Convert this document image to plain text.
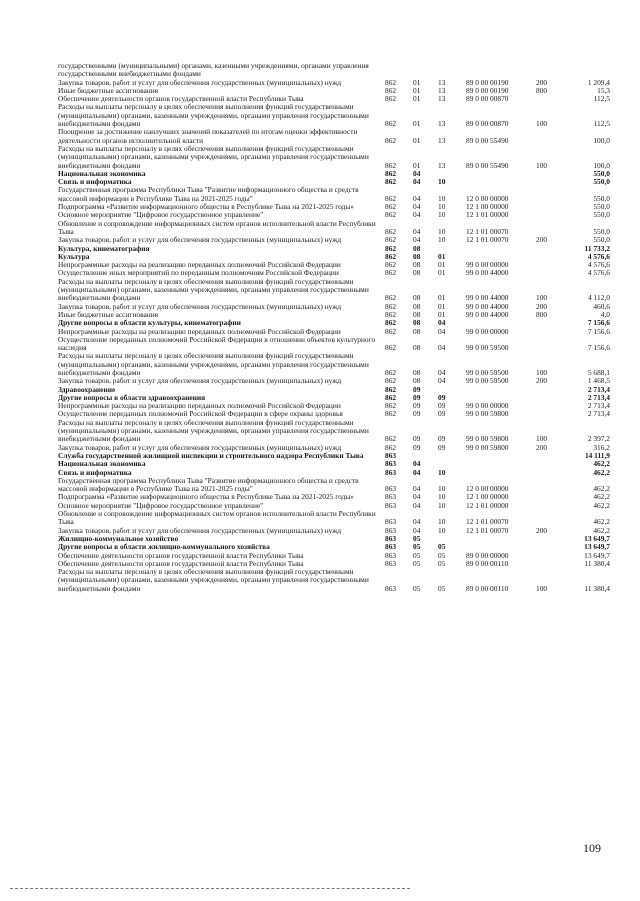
государственными (муниципальными) органами, казенными учреждениями, органами управления государственными внебюджетными фондами
Закупка товаров, работ и услуг для обеспечения государственных (муниципальных) нужд	862 01 13	89 0 00 00190	200	1 209,4
Иные бюджетные ассигнования	862 01 13	89 0 00 00190	800	15,3
Обеспечение деятельности органов государственной власти Республики Тыва	862 01 13	89 0 00 00870	112,5
Расходы на выплаты персоналу в целях обеспечения выполнения функций государственными (муниципальными) органами, казенными учреждениями, органами управления государственными внебюджетными фондами	862 01 13	89 0 00 00870	100	112,5
Поощрение за достижение наилучших значений показателей по итогам оценки эффективности деятельности органов исполнительной власти	862 01 13	89 0 00 55490	100,0
Расходы на выплаты персоналу в целях обеспечения выполнения функций государственными (муниципальными) органами, казенными учреждениями, органами управления государственными внебюджетными фондами	862 01 13	89 0 00 55490	100	100,0
Национальная экономика	862 04	550,0
Связь и информатика	862 04 10	550,0
Государственная программа Республики Тыва "Развитие информационного общества и средств массовой информации в Республике Тыва на 2021-2025 годы"	862 04 10	12 0 00 00000	550,0
Подпрограмма «Развитие информационного общества в Республике Тыва на 2021-2025 годы»	862 04 10	12 1 00 00000	550,0
Основное мероприятие "Цифровое государственное управление"	862 04 10	12 1 01 00000	550,0
Обновление и сопровождение информационных систем органов исполнительной власти Республики Тыва	862 04 10	12 1 01 00070	550,0
Закупка товаров, работ и услуг для обеспечения государственных (муниципальных) нужд	862 04 10	12 1 01 00070	200	550,0
Культура, кинематография	862 08	11 733,2
Культура	862 08 01	4 576,6
Непрограммные расходы на реализацию переданных полномочий Российской Федерации	862 08 01	99 0 00 00000	4 576,6
Осуществление иных мероприятий по переданным полномочиям Российской Федерации	862 08 01	99 0 00 44000	4 576,6
Расходы на выплаты персоналу в целях обеспечения выполнения функций государственными (муниципальными) органами, казенными учреждениями, органами управления государственными внебюджетными фондами	862 08 01	99 0 00 44000	100	4 112,0
Закупка товаров, работ и услуг для обеспечения государственных (муниципальных) нужд	862 08 01	99 0 00 44000	200	460,6
Иные бюджетные ассигнования	862 08 01	99 0 00 44000	800	4,0
Другие вопросы в области культуры, кинематографии	862 08 04	7 156,6
Непрограммные расходы на реализацию переданных полномочий Российской Федерации	862 08 04	99 0 00 00000	7 156,6
Осуществление переданных полномочий Российской Федерации в отношении объектов культурного наследия	862 08 04	99 0 00 59500	7 156,6
Расходы на выплаты персоналу в целях обеспечения выполнения функций государственными (муниципальными) органами, казенными учреждениями, органами управления государственными внебюджетными фондами	862 08 04	99 0 00 59500	100	5 688,1
Закупка товаров, работ и услуг для обеспечения государственных (муниципальных) нужд	862 08 04	99 0 00 59500	200	1 468,5
Здравоохранение	862 09	2 713,4
Другие вопросы в области здравоохранения	862 09 09	2 713,4
Непрограммные расходы на реализацию переданных полномочий Российской Федерации	862 09 09	99 0 00 00000	2 713,4
Осуществление переданных полномочий Российской Федерации в сфере охраны здоровья	862 09 09	99 0 00 59800	2 713,4
Расходы на выплаты персоналу в целях обеспечения выполнения функций государственными (муниципальными) органами, казенными учреждениями, органами управления государственными внебюджетными фондами	862 09 09	99 0 00 59800	100	2 397,2
Закупка товаров, работ и услуг для обеспечения государственных (муниципальных) нужд	862 09 09	99 0 00 59800	200	316,2
Служба государственной жилищной инспекции и строительного надзора Республики Тыва	863	14 111,9
Национальная экономика	863 04	462,2
Связь и информатика	863 04 10	462,2
Государственная программа Республики Тыва "Развитие информационного общества и средств массовой информации в Республике Тыва на 2021-2025 годы"	863 04 10	12 0 00 00000	462,2
Подпрограмма «Развитие информационного общества в Республике Тыва на 2021-2025 годы»	863 04 10	12 1 00 00000	462,2
Основное мероприятие "Цифровое государственное управление"	863 04 10	12 1 01 00000	462,2
Обновление и сопровождение информационных систем органов исполнительной власти Республики Тыва	863 04 10	12 1 01 00070	462,2
Закупка товаров, работ и услуг для обеспечения государственных (муниципальных) нужд	863 04 10	12 1 01 00070	200	462,2
Жилищно-коммунальное хозяйство	863 05	13 649,7
Другие вопросы в области жилищно-коммунального хозяйства	863 05 05	13 649,7
Обеспечение деятельности органов государственной власти Республики Тыва	863 05 05	89 0 00 00000	13 649,7
Обеспечение деятельности органов государственной власти Республики Тыва	863 05 05	89 0 00 00110	11 380,4
Расходы на выплаты персоналу в целях обеспечения выполнения функций государственными (муниципальными) органами, казенными учреждениями, органами управления государственными внебюджетными фондами	863 05 05	89 0 00 00110	100	11 380,4
109
